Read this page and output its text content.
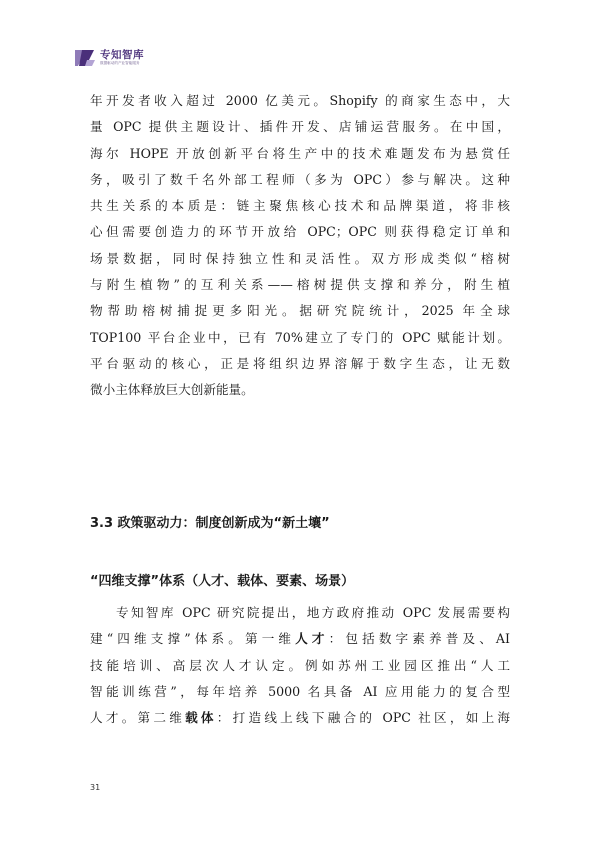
专知智库
数据驱动的产业智能服务

年开发者收入超过 2000 亿美元。Shopify 的商家生态中，大
量 OPC 提供主题设计、插件开发、店铺运营服务。在中国，
海尔 HOPE 开放创新平台将生产中的技术难题发布为悬赏任
务，吸引了数千名外部工程师（多为 OPC）参与解决。这种
共生关系的本质是：链主聚焦核心技术和品牌渠道，将非核
心但需要创造力的环节开放给 OPC；OPC 则获得稳定订单和
场景数据，同时保持独立性和灵活性。双方形成类似“榕树
与附生植物”的互利关系——榕树提供支撑和养分，附生植
物帮助榕树捕捉更多阳光。据研究院统计，2025 年全球
TOP100 平台企业中，已有 70%建立了专门的 OPC 赋能计划。
平台驱动的核心，正是将组织边界溶解于数字生态，让无数
微小主体释放巨大创新能量。

3.3 政策驱动力：制度创新成为“新土壤”
“四维支撑”体系（人才、载体、要素、场景）

专知智库 OPC 研究院提出，地方政府推动 OPC 发展需要构
建“四维支撑”体系。第一维人才：包括数字素养普及、AI
技能培训、高层次人才认定。例如苏州工业园区推出“人工
智能训练营”，每年培养 5000 名具备 AI 应用能力的复合型
人才。第二维载体：打造线上线下融合的 OPC 社区，如上海

31
